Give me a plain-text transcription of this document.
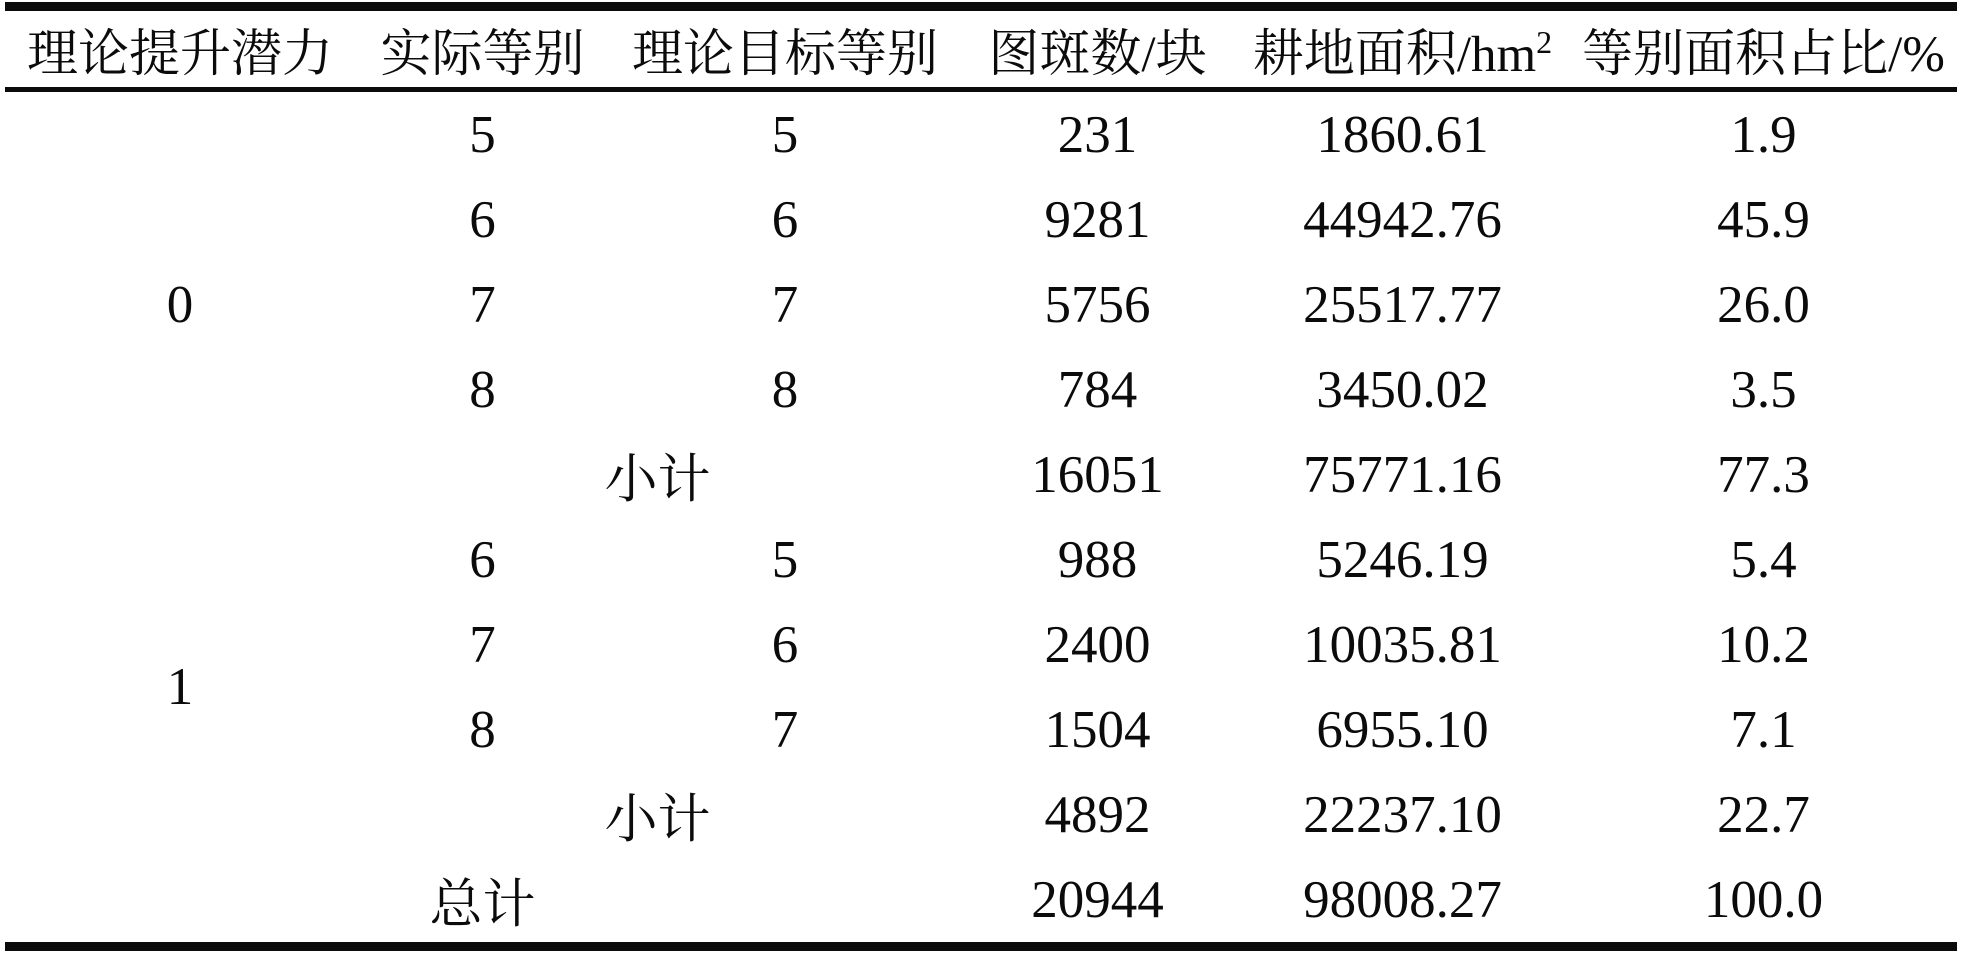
理论提升潜力	实际等别	理论目标等别	图斑数/块	耕地面积$/hm^2$	等别面积占比/%
0	5	5	231	1860.61	1.9
	6	6	9281	44942.76	45.9
	7	7	5756	25517.77	26.0
	8	8	784	3450.02	3.5
	小计		16051	75771.16	77.3
1	6	5	988	5246.19	5.4
	7	6	2400	10035.81	10.2
	8	7	1504	6955.10	7.1
	小计		4892	22237.10	22.7
总计			20944	98008.27	100.0
